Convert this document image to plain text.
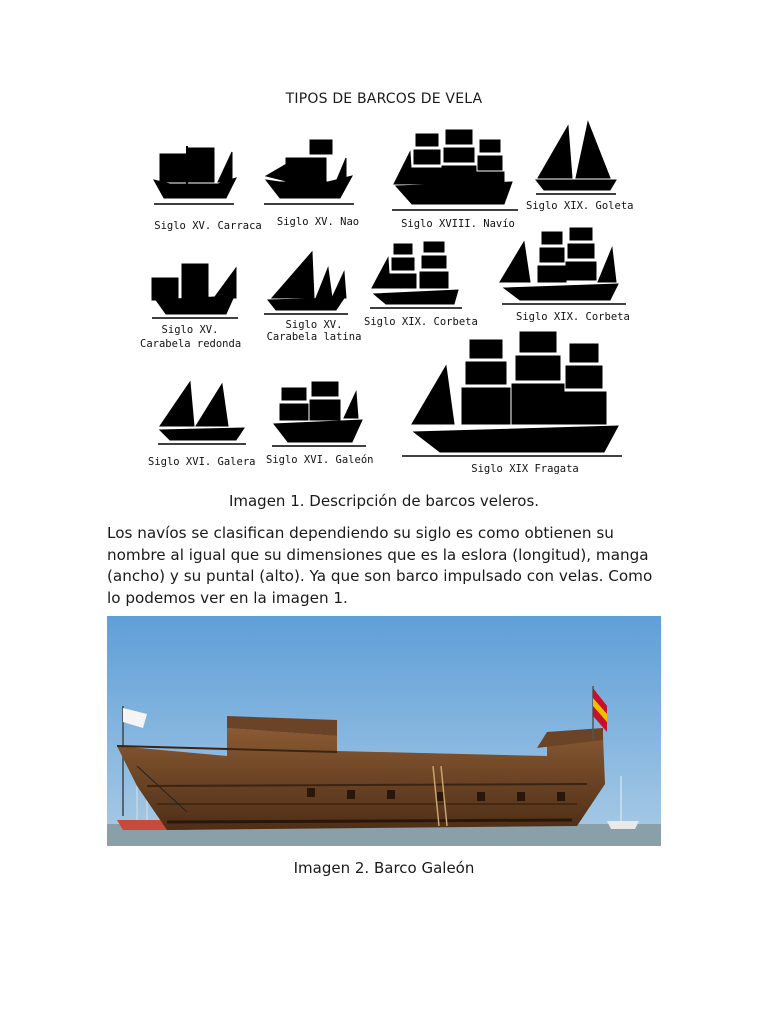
TIPOS DE BARCOS DE VELA
Siglo XV. Carraca	Siglo XV. Nao	Siglo XVIII. Navío
Siglo XIX. Goleta
Siglo XV.
Carabela redonda
Siglo XV.
Carabela latina
Siglo XIX. Corbeta	Siglo XIX. Corbeta
Siglo XVI. Galera Siglo XVI. Galeón
Siglo XIX Fragata
Imagen 1. Descripción de barcos veleros.

Los navíos se clasifican dependiendo su siglo es como obtienen su nombre al igual que su dimensiones que es la eslora (longitud), manga (ancho) y su puntal (alto). Ya que son barco impulsado con velas. Como lo podemos ver en la imagen 1.

Imagen 2. Barco Galeón
